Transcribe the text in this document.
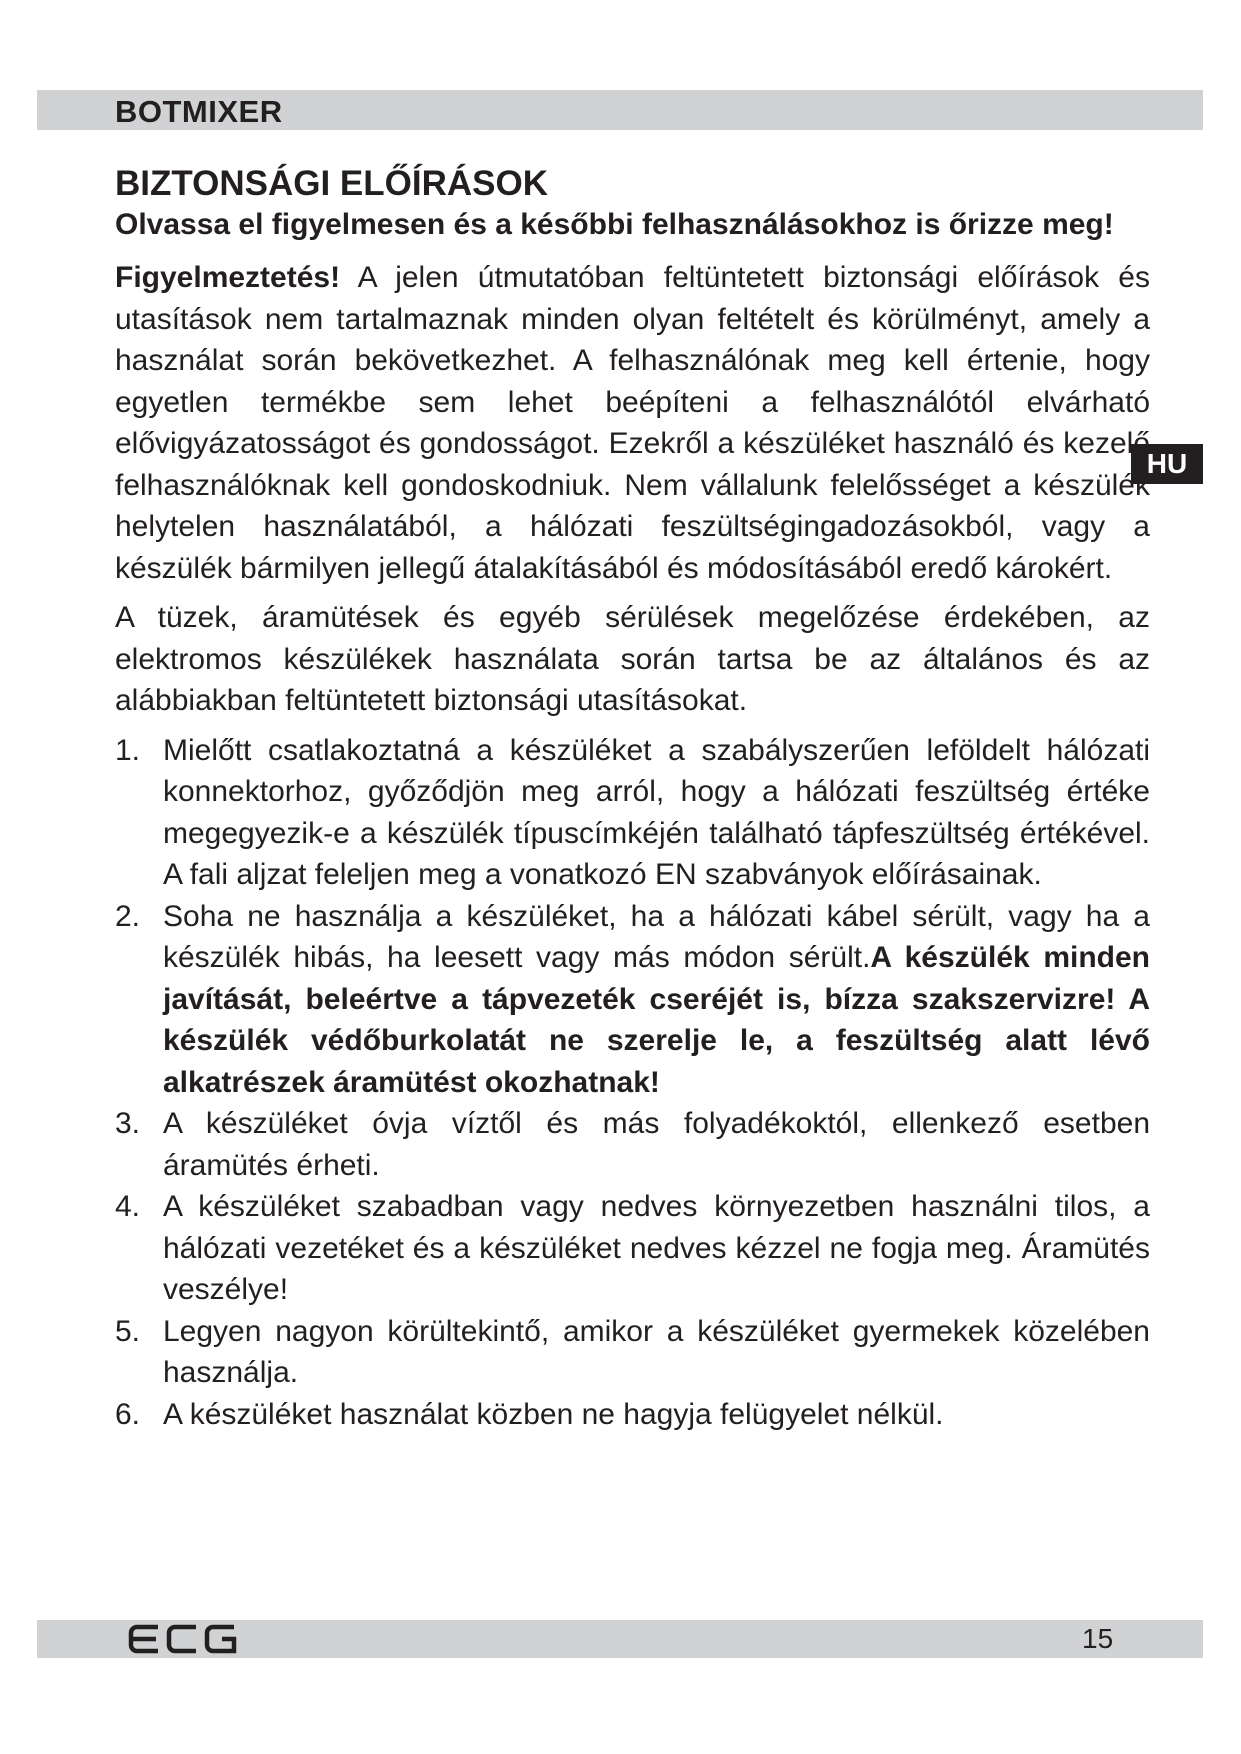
BOTMIXER
HU
BIZTONSÁGI ELŐÍRÁSOK
Olvassa el figyelmesen és a későbbi felhasználásokhoz is őrizze meg!

Figyelmeztetés! A jelen útmutatóban feltüntetett biztonsági előírások és utasítások nem tartalmaznak minden olyan feltételt és körülményt, amely a használat során bekövetkezhet. A felhasználónak meg kell értenie, hogy egyetlen termékbe sem lehet beépíteni a felhasználótól elvárható elővigyázatosságot és gondosságot. Ezekről a készüléket használó és kezelő felhasználóknak kell gondoskodniuk. Nem vállalunk felelősséget a készülék helytelen használatából, a hálózati feszültségingadozásokból, vagy a készülék bármilyen jellegű átalakításából és módosításából eredő károkért.

A tüzek, áramütések és egyéb sérülések megelőzése érdekében, az elektromos készülékek használata során tartsa be az általános és az alábbiakban feltüntetett biztonsági utasításokat.

1. Mielőtt csatlakoztatná a készüléket a szabályszerűen leföldelt hálózati konnektorhoz, győződjön meg arról, hogy a hálózati feszültség értéke megegyezik-e a készülék típuscímkéjén található tápfeszültség értékével. A fali aljzat feleljen meg a vonatkozó EN szabványok előírásainak.
2. Soha ne használja a készüléket, ha a hálózati kábel sérült, vagy ha a készülék hibás, ha leesett vagy más módon sérült.A készülék minden javítását, beleértve a tápvezeték cseréjét is, bízza szakszervizre! A készülék védőburkolatát ne szerelje le, a feszültség alatt lévő alkatrészek áramütést okozhatnak!
3. A készüléket óvja víztől és más folyadékoktól, ellenkező esetben áramütés érheti.
4. A készüléket szabadban vagy nedves környezetben használni tilos, a hálózati vezetéket és a készüléket nedves kézzel ne fogja meg. Áramütés veszélye!
5. Legyen nagyon körültekintő, amikor a készüléket gyermekek közelében használja.
6. A készüléket használat közben ne hagyja felügyelet nélkül.
15
